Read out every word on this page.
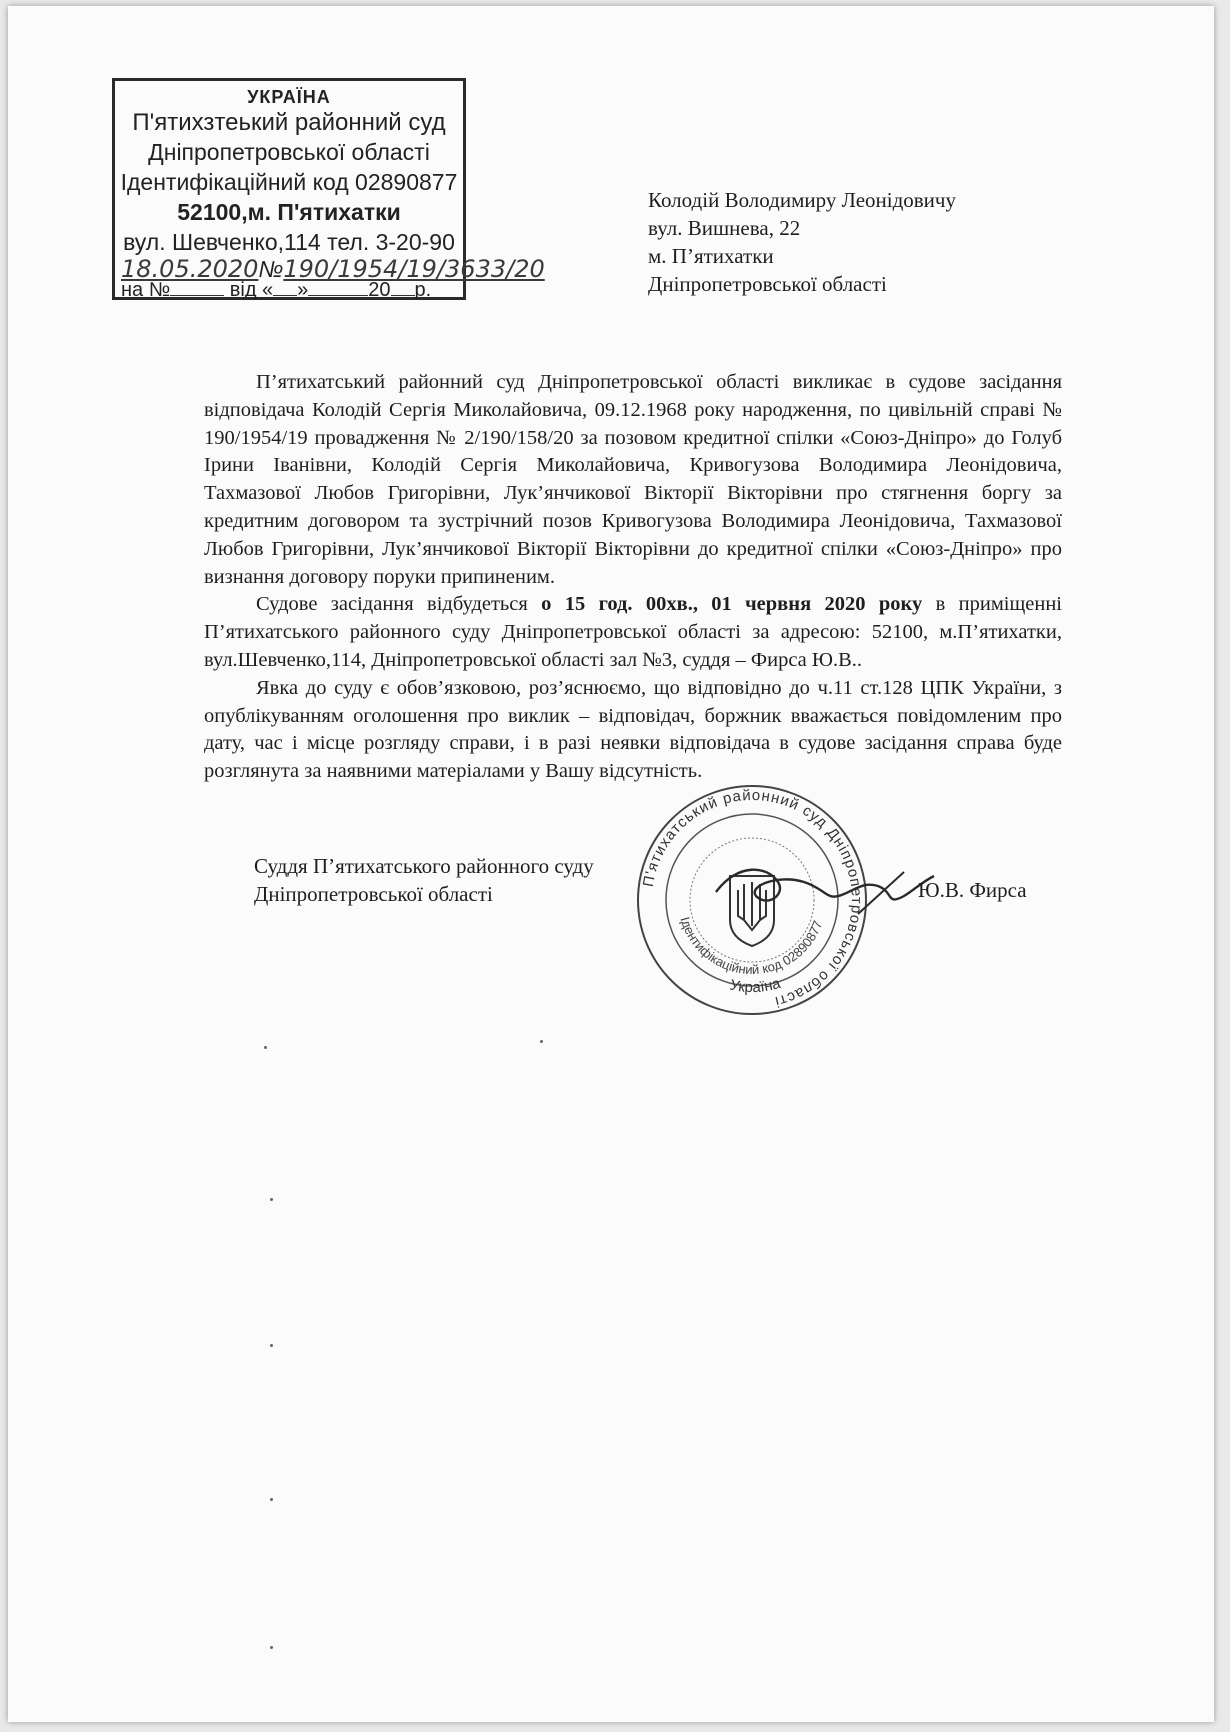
УКРАЇНА
П'ятихзтеький районний суд
Дніпропетровської області
Ідентифікаційний код 02890877
52100,м. П'ятихатки
вул. Шевченко,114 тел. 3-20-90
18.05.2020№190/1954/19/3633/20
на №	від « »	20 р.
Колодій Володимиру Леонідовичу
вул. Вишнева, 22
м. П’ятихатки
Дніпропетровської області

П’ятихатський районний суд Дніпропетровської області викликає в судове засідання відповідача Колодій Сергія Миколайовича, 09.12.1968 року народження, по цивільній справі № 190/1954/19 провадження № 2/190/158/20 за позовом кредитної спілки «Союз-Дніпро» до Голуб Ірини Іванівни, Колодій Сергія Миколайовича, Кривогузова Володимира Леонідовича, Тахмазової Любов Григорівни, Лук’янчикової Вікторії Вікторівни про стягнення боргу за кредитним договором та зустрічний позов Кривогузова Володимира Леонідовича, Тахмазової Любов Григорівни, Лук’янчикової Вікторії Вікторівни до кредитної спілки «Союз-Дніпро» про визнання договору поруки припиненим.

Судове засідання відбудеться о 15 год. 00хв., 01 червня 2020 року в приміщенні П’ятихатського районного суду Дніпропетровської області за адресою: 52100, м.П’ятихатки, вул.Шевченко,114, Дніпропетровської області зал №3, суддя – Фирса Ю.В..

Явка до суду є обов’язковою, роз’яснюємо, що відповідно до ч.11 ст.128 ЦПК України, з опублікуванням оголошення про виклик – відповідач, боржник вважається повідомленим про дату, час і місце розгляду справи, і в разі неявки відповідача в судове засідання справа буде розглянута за наявними матеріалами у Вашу відсутність.

П'ятихатський районний суд Дніпропетровської області
Ідентифікаційний код 02890877
Україна
Суддя П’ятихатського районного суду
Дніпропетровської області	Ю.В. Фирса
